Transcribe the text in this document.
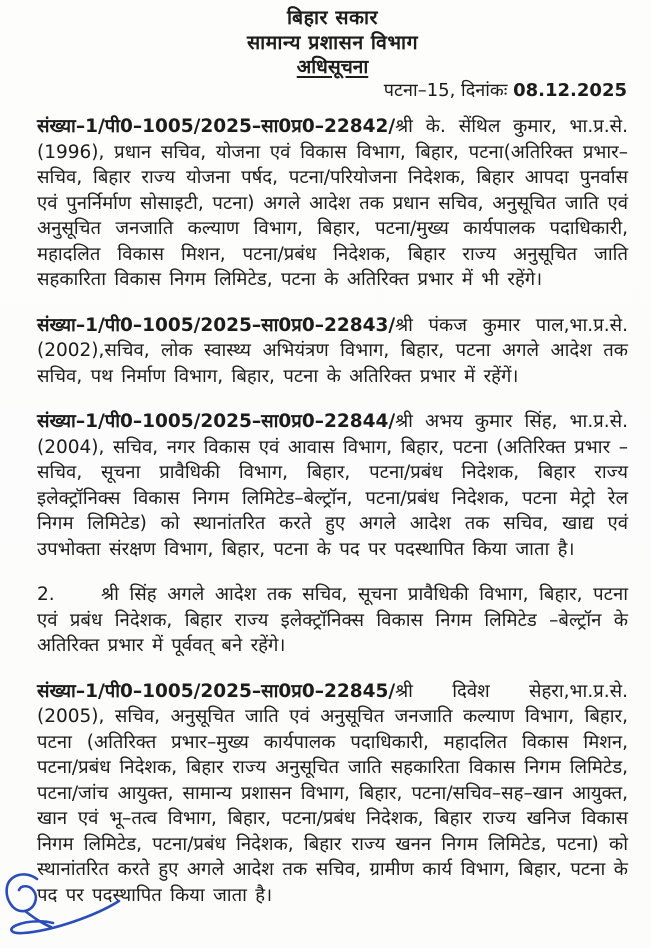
बिहार सकार
सामान्य प्रशासन विभाग
अधिसूचना
पटना–15, दिनांकः 08.12.2025

संख्या–1/पी0–1005/2025–सा0प्र0–22842/श्री के. सेंथिल कुमार, भा.प्र.से. (1996), प्रधान सचिव, योजना एवं विकास विभाग, बिहार, पटना(अतिरिक्त प्रभार–सचिव, बिहार राज्य योजना पर्षद, पटना/परियोजना निदेशक, बिहार आपदा पुनर्वास एवं पुनर्निर्माण सोसाइटी, पटना) अगले आदेश तक प्रधान सचिव, अनुसूचित जाति एवं अनुसूचित जनजाति कल्याण विभाग, बिहार, पटना/मुख्य कार्यपालक पदाधिकारी, महादलित विकास मिशन, पटना/प्रबंध निदेशक, बिहार राज्य अनुसूचित जाति सहकारिता विकास निगम लिमिटेड, पटना के अतिरिक्त प्रभार में भी रहेंगे।

संख्या–1/पी0–1005/2025–सा0प्र0–22843/श्री पंकज कुमार पाल,भा.प्र.से. (2002),सचिव, लोक स्वास्थ्य अभियंत्रण विभाग, बिहार, पटना अगले आदेश तक सचिव, पथ निर्माण विभाग, बिहार, पटना के अतिरिक्त प्रभार में रहेंगें।

संख्या–1/पी0–1005/2025–सा0प्र0–22844/श्री अभय कुमार सिंह, भा.प्र.से. (2004), सचिव, नगर विकास एवं आवास विभाग, बिहार, पटना (अतिरिक्त प्रभार –सचिव, सूचना प्रावैधिकी विभाग, बिहार, पटना/प्रबंध निदेशक, बिहार राज्य इलेक्ट्रॉनिक्स विकास निगम लिमिटेड–बेल्ट्रॉन, पटना/प्रबंध निदेशक, पटना मेट्रो रेल निगम लिमिटेड) को स्थानांतरित करते हुए अगले आदेश तक सचिव, खाद्य एवं उपभोक्ता संरक्षण विभाग, बिहार, पटना के पद पर पदस्थापित किया जाता है।

2.	श्री सिंह अगले आदेश तक सचिव, सूचना प्रावैधिकी विभाग, बिहार, पटना एवं प्रबंध निदेशक, बिहार राज्य इलेक्ट्रॉनिक्स विकास निगम लिमिटेड –बेल्ट्रॉन के अतिरिक्त प्रभार में पूर्ववत् बने रहेंगे।

संख्या–1/पी0–1005/2025–सा0प्र0–22845/श्री दिवेश सेहरा,भा.प्र.से.(2005), सचिव, अनुसूचित जाति एवं अनुसूचित जनजाति कल्याण विभाग, बिहार, पटना (अतिरिक्त प्रभार–मुख्य कार्यपालक पदाधिकारी, महादलित विकास मिशन, पटना/प्रबंध निदेशक, बिहार राज्य अनुसूचित जाति सहकारिता विकास निगम लिमिटेड, पटना/जांच आयुक्त, सामान्य प्रशासन विभाग, बिहार, पटना/सचिव–सह–खान आयुक्त, खान एवं भू–तत्व विभाग, बिहार, पटना/प्रबंध निदेशक, बिहार राज्य खनिज विकास निगम लिमिटेड, पटना/प्रबंध निदेशक, बिहार राज्य खनन निगम लिमिटेड, पटना) को स्थानांतरित करते हुए अगले आदेश तक सचिव, ग्रामीण कार्य विभाग, बिहार, पटना के पद पर पदस्थापित किया जाता है।
